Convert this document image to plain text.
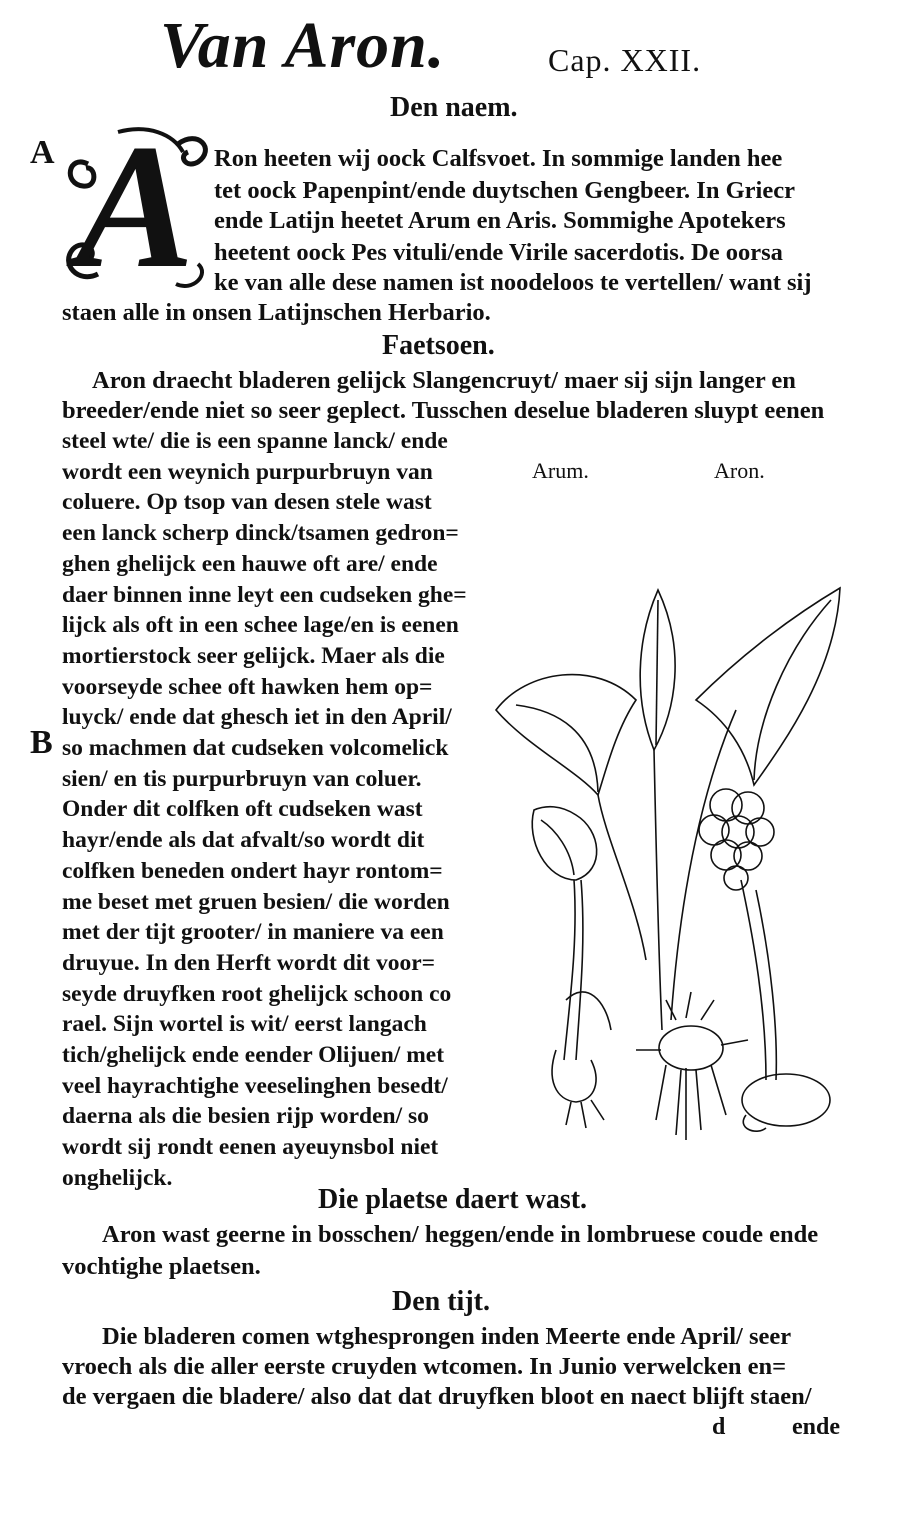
Van Aron.	Cap. XXII.
Den naem.
A A Ron heeten wij oock Calfsvoet. In sommige landen hee
tet oock Papenpint/ende duytschen Gengbeer. In Griecr
ende Latijn heetet Arum en Aris. Sommighe Apotekers
heetent oock Pes vituli/ende Virile sacerdotis. De oorsa
ke van alle dese namen ist noodeloos te vertellen/ want sij
staen alle in onsen Latijnschen Herbario.
Faetsoen.
Aron draecht bladeren gelijck Slangencruyt/ maer sij sijn langer en
breeder/ende niet so seer geplect. Tusschen deselue bladeren sluypt eenen
B
steel wte/ die is een spanne lanck/ ende
wordt een weynich purpurbruyn van
coluere. Op tsop van desen stele wast
een lanck scherp dinck/tsamen gedron=
ghen ghelijck een hauwe oft are/ ende
daer binnen inne leyt een cudseken ghe=
lijck als oft in een schee lage/en is eenen
mortierstock seer gelijck. Maer als die
voorseyde schee oft hawken hem op=
luyck/ ende dat ghesch iet in den April/
so machmen dat cudseken volcomelick
sien/ en tis purpurbruyn van coluer.
Onder dit colfken oft cudseken wast
hayr/ende als dat afvalt/so wordt dit
colfken beneden ondert hayr rontom=
me beset met gruen besien/ die worden
met der tijt grooter/ in maniere va een
druyue. In den Herft wordt dit voor=
seyde druyfken root ghelijck schoon co
rael. Sijn wortel is wit/ eerst langach
tich/ghelijck ende eender Olijuen/ met
veel hayrachtighe veeselinghen besedt/
daerna als die besien rijp worden/ so
wordt sij rondt eenen ayeuynsbol niet
onghelijck.
Arum.	Aron.
Die plaetse daert wast.
Aron wast geerne in bosschen/ heggen/ende in lombruese coude ende
vochtighe plaetsen.
Den tijt.
Die bladeren comen wtghesprongen inden Meerte ende April/ seer
vroech als die aller eerste cruyden wtcomen. In Junio verwelcken en=
de vergaen die bladere/ also dat dat druyfken bloot en naect blijft staen/
d	ende
